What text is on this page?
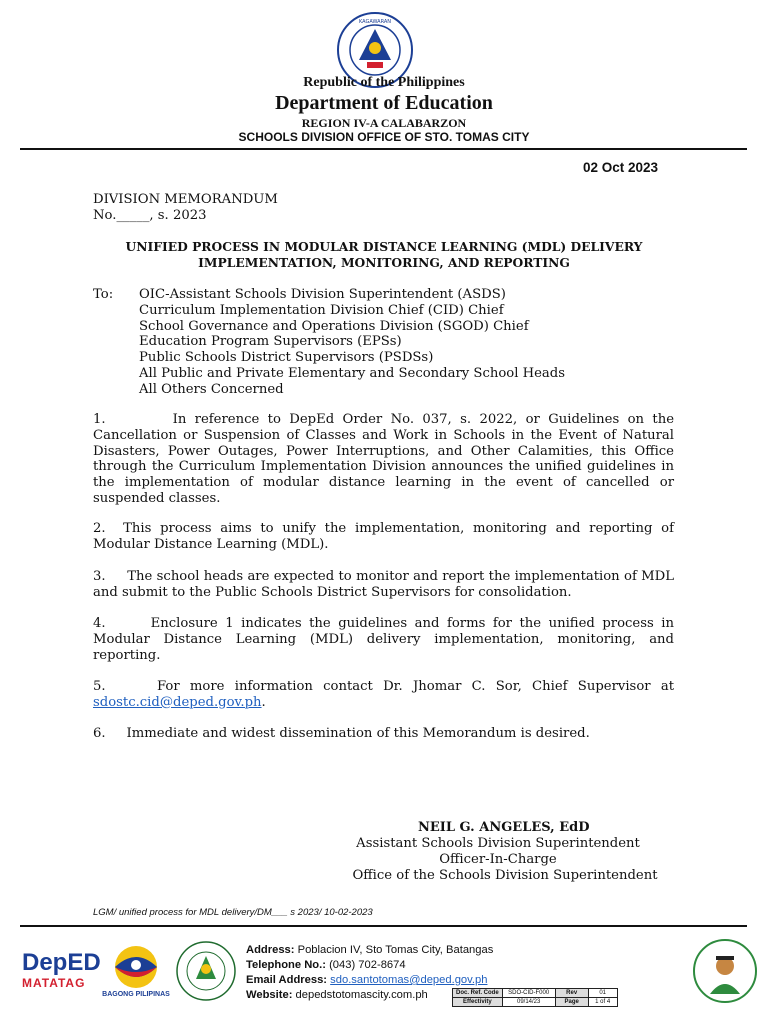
KAGAWARAN
Republic of the Philippines
Department of Education
REGION IV-A CALABARZON
SCHOOLS DIVISION OFFICE OF STO. TOMAS CITY
02 Oct 2023
DIVISION MEMORANDUM
No._____, s. 2023
UNIFIED PROCESS IN MODULAR DISTANCE LEARNING (MDL) DELIVERY
IMPLEMENTATION, MONITORING, AND REPORTING
To: OIC-Assistant Schools Division Superintendent (ASDS)
Curriculum Implementation Division Chief (CID) Chief
School Governance and Operations Division (SGOD) Chief
Education Program Supervisors (EPSs)
Public Schools District Supervisors (PSDSs)
All Public and Private Elementary and Secondary School Heads
All Others Concerned
1.        In reference to DepEd Order No. 037, s. 2022, or Guidelines on the Cancellation or Suspension of Classes and Work in Schools in the Event of Natural Disasters, Power Outages, Power Interruptions, and Other Calamities, this Office through the Curriculum Implementation Division announces the unified guidelines in the implementation of modular distance learning in the event of cancelled or suspended classes.
2.  This process aims to unify the implementation, monitoring and reporting of Modular Distance Learning (MDL).
3.     The school heads are expected to monitor and report the implementation of MDL and submit to the Public Schools District Supervisors for consolidation.
4.      Enclosure 1 indicates the guidelines and forms for the unified process in Modular Distance Learning (MDL) delivery implementation, monitoring, and reporting.
5.     For more information contact Dr. Jhomar C. Sor, Chief Supervisor at sdostc.cid@deped.gov.ph.
6.     Immediate and widest dissemination of this Memorandum is desired.
NEIL G. ANGELES, EdD
Assistant Schools Division Superintendent
Officer-In-Charge
Office of the Schools Division Superintendent
LGM/ unified process for MDL delivery/DM___ s 2023/ 10-02-2023
DepED
MATATAG
BAGONG PILIPINAS
Address: Poblacion IV, Sto Tomas City, Batangas
Telephone No.: (043) 702-8674
Email Address: sdo.santotomas@deped.gov.ph
Website: depedstotomascity.com.ph	Doc. Ref. Code	SDO-CID-F000	Rev	01
Effectivity	09/14/23	Page	1 of 4
